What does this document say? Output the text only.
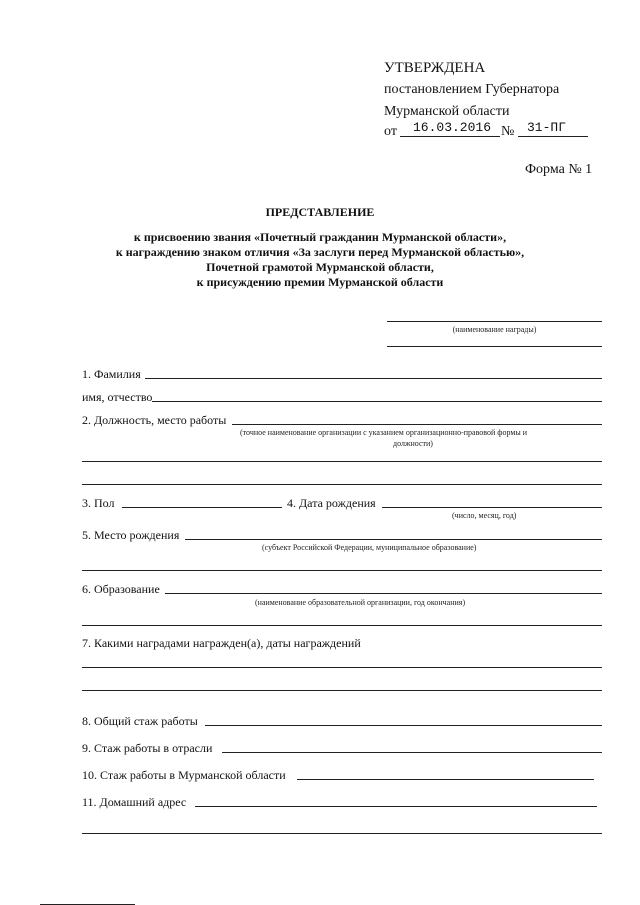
УТВЕРЖДЕНА
постановлением Губернатора
Мурманской области
от 16.03.2016 № 31-ПГ
Форма № 1
ПРЕДСТАВЛЕНИЕ
к присвоению звания «Почетный гражданин Мурманской области»,
к награждению знаком отличия «За заслуги перед Мурманской областью»,
Почетной грамотой Мурманской области,
к присуждению премии Мурманской области
(наименование награды)
1. Фамилия
имя, отчество
2. Должность, место работы
(точное наименование организации с указанием организационно-правовой формы и
должности)
3. Пол	4. Дата рождения
(число, месяц, год)
5. Место рождения
(субъект Российской Федерации, муниципальное образование)
6. Образование
(наименование образовательной организации, год окончания)
7. Какими наградами награжден(а), даты награждений
8. Общий стаж работы
9. Стаж работы в отрасли
10. Стаж работы в Мурманской области
11. Домашний адрес
